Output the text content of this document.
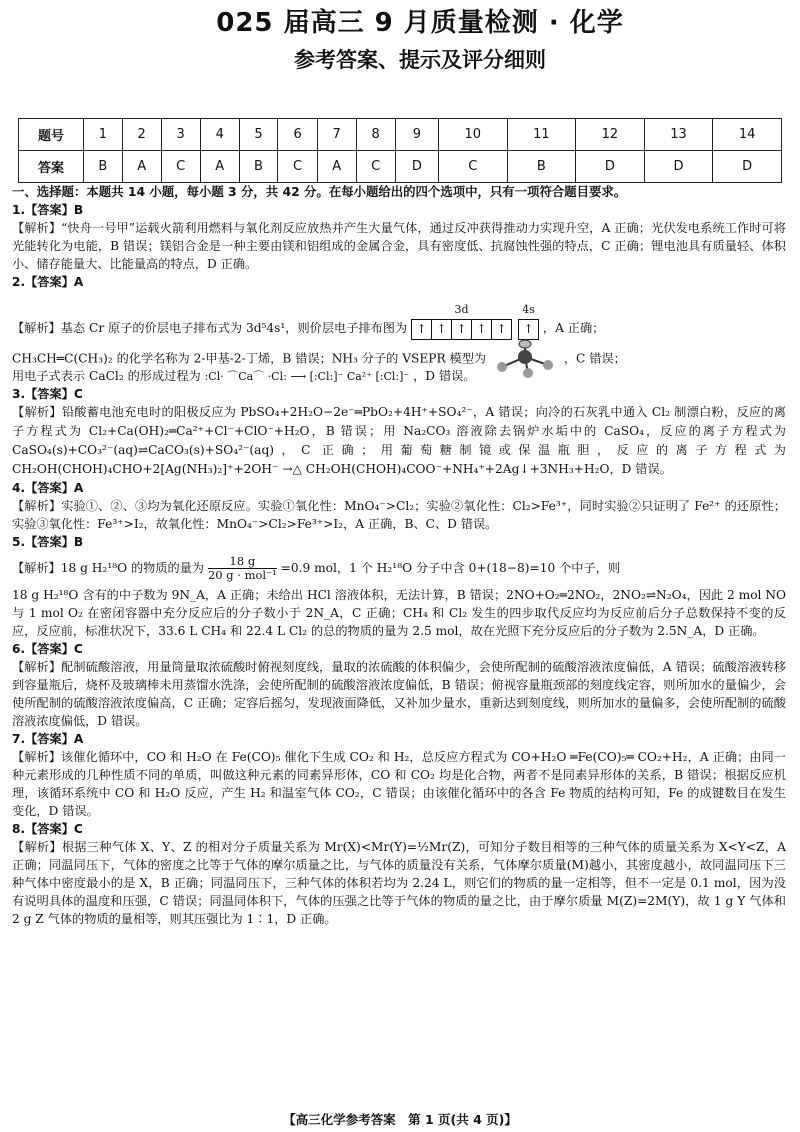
025 届高三 9 月质量检测 · 化学
参考答案、提示及评分细则
题号	1	2	3	4	5	6	7	8	9	10	11	12	13	14
答案	B	A	C	A	B	C	A	C	D	C	B	D	D	D
一、选择题：本题共 14 小题，每小题 3 分，共 42 分。在每小题给出的四个选项中，只有一项符合题目要求。
1.【答案】B
【解析】“快舟一号甲”运载火箭利用燃料与氧化剂反应放热并产生大量气体，通过反冲获得推动力实现升空，A 正确；光伏发电系统工作时可将光能转化为电能，B 错误；镁铝合金是一种主要由镁和铝组成的金属合金，具有密度低、抗腐蚀性强的特点，C 正确；锂电池具有质量轻、体积小、储存能量大、比能量高的特点，D 正确。
2.【答案】A
【解析】基态 Cr 原子的价层电子排布式为 3d⁵4s¹，则价层电子排布图为
3d
↑ ↑ ↑ ↑ ↑
4s
↑ ，A 正确；
CH₃CH═C(CH₃)₂ 的化学名称为 2-甲基-2-丁烯，B 错误；NH₃ 分子的 VSEPR 模型为	，C 错误；
用电子式表示 CaCl₂ 的形成过程为 :Cl· ⌒Ca⌒ ·Cl: ⟶ [:Cl:]⁻ Ca²⁺ [:Cl:]⁻ ，D 错误。
3.【答案】C
【解析】铅酸蓄电池充电时的阳极反应为 PbSO₄+2H₂O−2e⁻═PbO₂+4H⁺+SO₄²⁻，A 错误；向冷的石灰乳中通入 Cl₂ 制漂白粉，反应的离子方程式为 Cl₂+Ca(OH)₂═Ca²⁺+Cl⁻+ClO⁻+H₂O，B 错误；用 Na₂CO₃ 溶液除去锅炉水垢中的 CaSO₄，反应的离子方程式为 CaSO₄(s)+CO₃²⁻(aq)⇌CaCO₃(s)+SO₄²⁻(aq)，C 正确；用葡萄糖制镜或保温瓶胆，反应的离子方程式为 CH₂OH(CHOH)₄CHO+2[Ag(NH₃)₂]⁺+2OH⁻ →△ CH₂OH(CHOH)₄COO⁻+NH₄⁺+2Ag↓+3NH₃+H₂O，D 错误。
4.【答案】A
【解析】实验①、②、③均为氧化还原反应。实验①氧化性：MnO₄⁻>Cl₂；实验②氧化性：Cl₂>Fe³⁺，同时实验②只证明了 Fe²⁺ 的还原性；实验③氧化性：Fe³⁺>I₂，故氧化性：MnO₄⁻>Cl₂>Fe³⁺>I₂，A 正确，B、C、D 错误。
5.【答案】B
【解析】18 g H₂¹⁸O 的物质的量为 $\frac{18 g}{\text{20 g · mol⁻¹}} =0.9$ mol，1 个 H₂¹⁸O 分子中含 0+(18−8)=10 个中子，则
18 g H₂¹⁸O 含有的中子数为 9N_A，A 正确；未给出 HCl 溶液体积，无法计算，B 错误；2NO+O₂═2NO₂，2NO₂⇌N₂O₄，因此 2 mol NO 与 1 mol O₂ 在密闭容器中充分反应后的分子数小于 2N_A，C 正确；CH₄ 和 Cl₂ 发生的四步取代反应均为反应前后分子总数保持不变的反应，反应前，标准状况下，33.6 L CH₄ 和 22.4 L Cl₂ 的总的物质的量为 2.5 mol，故在光照下充分反应后的分子数为 2.5N_A，D 正确。
6.【答案】C
【解析】配制硫酸溶液，用量筒量取浓硫酸时俯视刻度线，量取的浓硫酸的体积偏少，会使所配制的硫酸溶液浓度偏低，A 错误；硫酸溶液转移到容量瓶后，烧杯及玻璃棒未用蒸馏水洗涤，会使所配制的硫酸溶液浓度偏低，B 错误；俯视容量瓶颈部的刻度线定容，则所加水的量偏少，会使所配制的硫酸溶液浓度偏高，C 正确；定容后摇匀，发现液面降低，又补加少量水，重新达到刻度线，则所加水的量偏多，会使所配制的硫酸溶液浓度偏低，D 错误。
7.【答案】A
【解析】该催化循环中，CO 和 H₂O 在 Fe(CO)₅ 催化下生成 CO₂ 和 H₂，总反应方程式为 CO+H₂O ═Fe(CO)₅═ CO₂+H₂，A 正确；由同一种元素形成的几种性质不同的单质，叫做这种元素的同素异形体，CO 和 CO₂ 均是化合物，两者不是同素异形体的关系，B 错误；根据反应机理，该循环系统中 CO 和 H₂O 反应，产生 H₂ 和温室气体 CO₂，C 错误；由该催化循环中的各含 Fe 物质的结构可知，Fe 的成键数目在发生变化，D 错误。
8.【答案】C
【解析】根据三种气体 X、Y、Z 的相对分子质量关系为 Mr(X)<Mr(Y)=½Mr(Z)，可知分子数目相等的三种气体的质量关系为 X<Y<Z，A 正确；同温同压下，气体的密度之比等于气体的摩尔质量之比，与气体的质量没有关系，气体摩尔质量(M)越小，其密度越小，故同温同压下三种气体中密度最小的是 X，B 正确；同温同压下，三种气体的体积若均为 2.24 L，则它们的物质的量一定相等，但不一定是 0.1 mol，因为没有说明具体的温度和压强，C 错误；同温同体积下，气体的压强之比等于气体的物质的量之比，由于摩尔质量 M(Z)=2M(Y)，故 1 g Y 气体和 2 g Z 气体的物质的量相等，则其压强比为 1∶1，D 正确。
【高三化学参考答案　第 1 页(共 4 页)】
